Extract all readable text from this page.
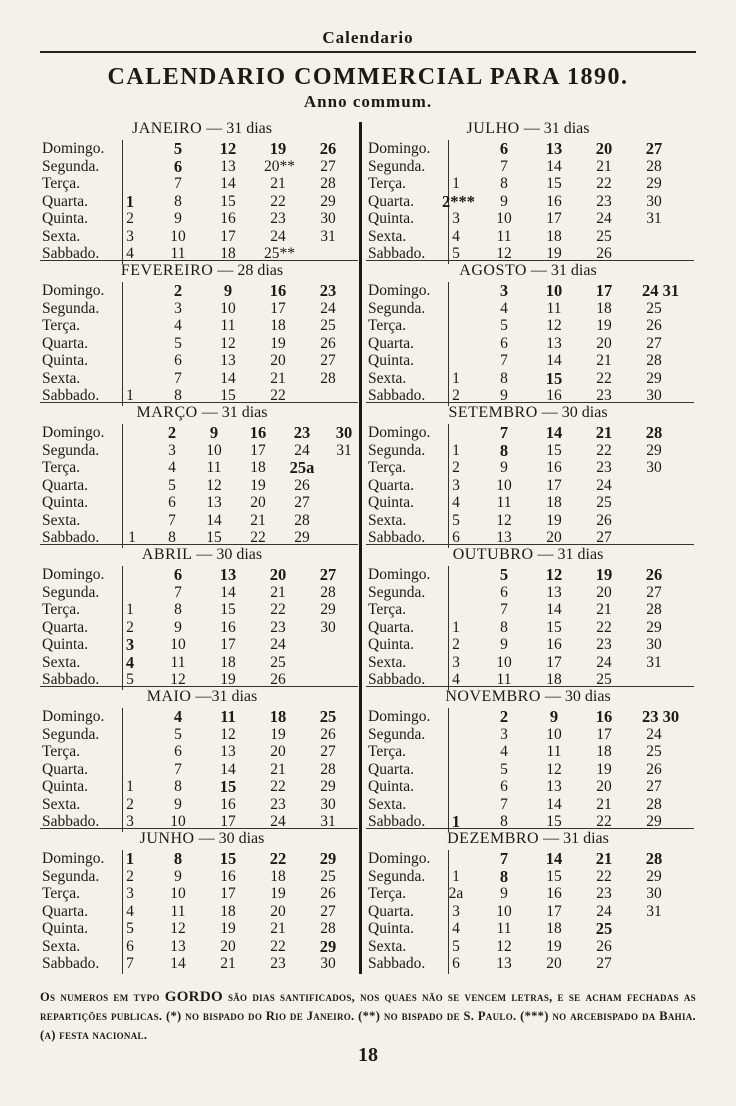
Calendario
CALENDARIO COMMERCIAL PARA 1890.
Anno commum.
JANEIRO — 31 dias
Domingo.	5	12	19	26
Segunda.	6	13	20**	27
Terça.	7	14	21	28
Quarta.	1	8	15	22	29
Quinta.	2	9	16	23	30
Sexta.	3	10	17	24	31
Sabbado.	4	11	18	25**
JULHO — 31 dias
Domingo.	6	13	20	27
Segunda.	7	14	21	28
Terça.	1	8	15	22	29
Quarta. 2***	9	16	23	30
Quinta.	3	10	17	24	31
Sexta.	4	11	18	25
Sabbado.	5	12	19	26
FEVEREIRO — 28 dias
Domingo.	2	9	16	23
Segunda.	3	10	17	24
Terça.	4	11	18	25
Quarta.	5	12	19	26
Quinta.	6	13	20	27
Sexta.	7	14	21	28
Sabbado.	1	8	15	22
AGOSTO — 31 dias
Domingo.	3	10	17	24 31
Segunda.	4	11	18	25
Terça.	5	12	19	26
Quarta.	6	13	20	27
Quinta.	7	14	21	28
Sexta.	1	8	15	22	29
Sabbado.	2	9	16	23	30
MARÇO — 31 dias
Domingo.	2	9	16	23	30
Segunda.	3	10	17	24	31
Terça.	4	11	18	25a
Quarta.	5	12	19	26
Quinta.	6	13	20	27
Sexta.	7	14	21	28
Sabbado.	1	8	15	22	29
SETEMBRO — 30 dias
Domingo.	7	14	21	28
Segunda.	1	8	15	22	29
Terça.	2	9	16	23	30
Quarta.	3	10	17	24
Quinta.	4	11	18	25
Sexta.	5	12	19	26
Sabbado.	6	13	20	27
ABRIL — 30 dias
Domingo.	6	13	20	27
Segunda.	7	14	21	28
Terça.	1	8	15	22	29
Quarta.	2	9	16	23	30
Quinta.	3	10	17	24
Sexta.	4	11	18	25
Sabbado.	5	12	19	26
OUTUBRO — 31 dias
Domingo.	5	12	19	26
Segunda.	6	13	20	27
Terça.	7	14	21	28
Quarta.	1	8	15	22	29
Quinta.	2	9	16	23	30
Sexta.	3	10	17	24	31
Sabbado.	4	11	18	25
MAIO —31 dias
Domingo.	4	11	18	25
Segunda.	5	12	19	26
Terça.	6	13	20	27
Quarta.	7	14	21	28
Quinta.	1	8	15	22	29
Sexta.	2	9	16	23	30
Sabbado.	3	10	17	24	31
NOVEMBRO — 30 dias
Domingo.	2	9	16	23 30
Segunda.	3	10	17	24
Terça.	4	11	18	25
Quarta.	5	12	19	26
Quinta.	6	13	20	27
Sexta.	7	14	21	28
Sabbado.	1	8	15	22	29
JUNHO — 30 dias
Domingo.	1	8	15	22	29
Segunda.	2	9	16	18	25
Terça.	3	10	17	19	26
Quarta.	4	11	18	20	27
Quinta.	5	12	19	21	28
Sexta.	6	13	20	22	29
Sabbado.	7	14	21	23	30
DEZEMBRO — 31 dias
Domingo.	7	14	21	28
Segunda.	1	8	15	22	29
Terça.	2a	9	16	23	30
Quarta.	3	10	17	24	31
Quinta.	4	11	18	25
Sexta.	5	12	19	26
Sabbado.	6	13	20	27
Os numeros em typo GORDO são dias santificados, nos quaes não se vencem letras, e se acham fechadas as repartições publicas. (*) no bispado do Rio de Janeiro. (**) no bispado de S. Paulo. (***) no arcebispado da Bahia. (a) festa nacional.
18
